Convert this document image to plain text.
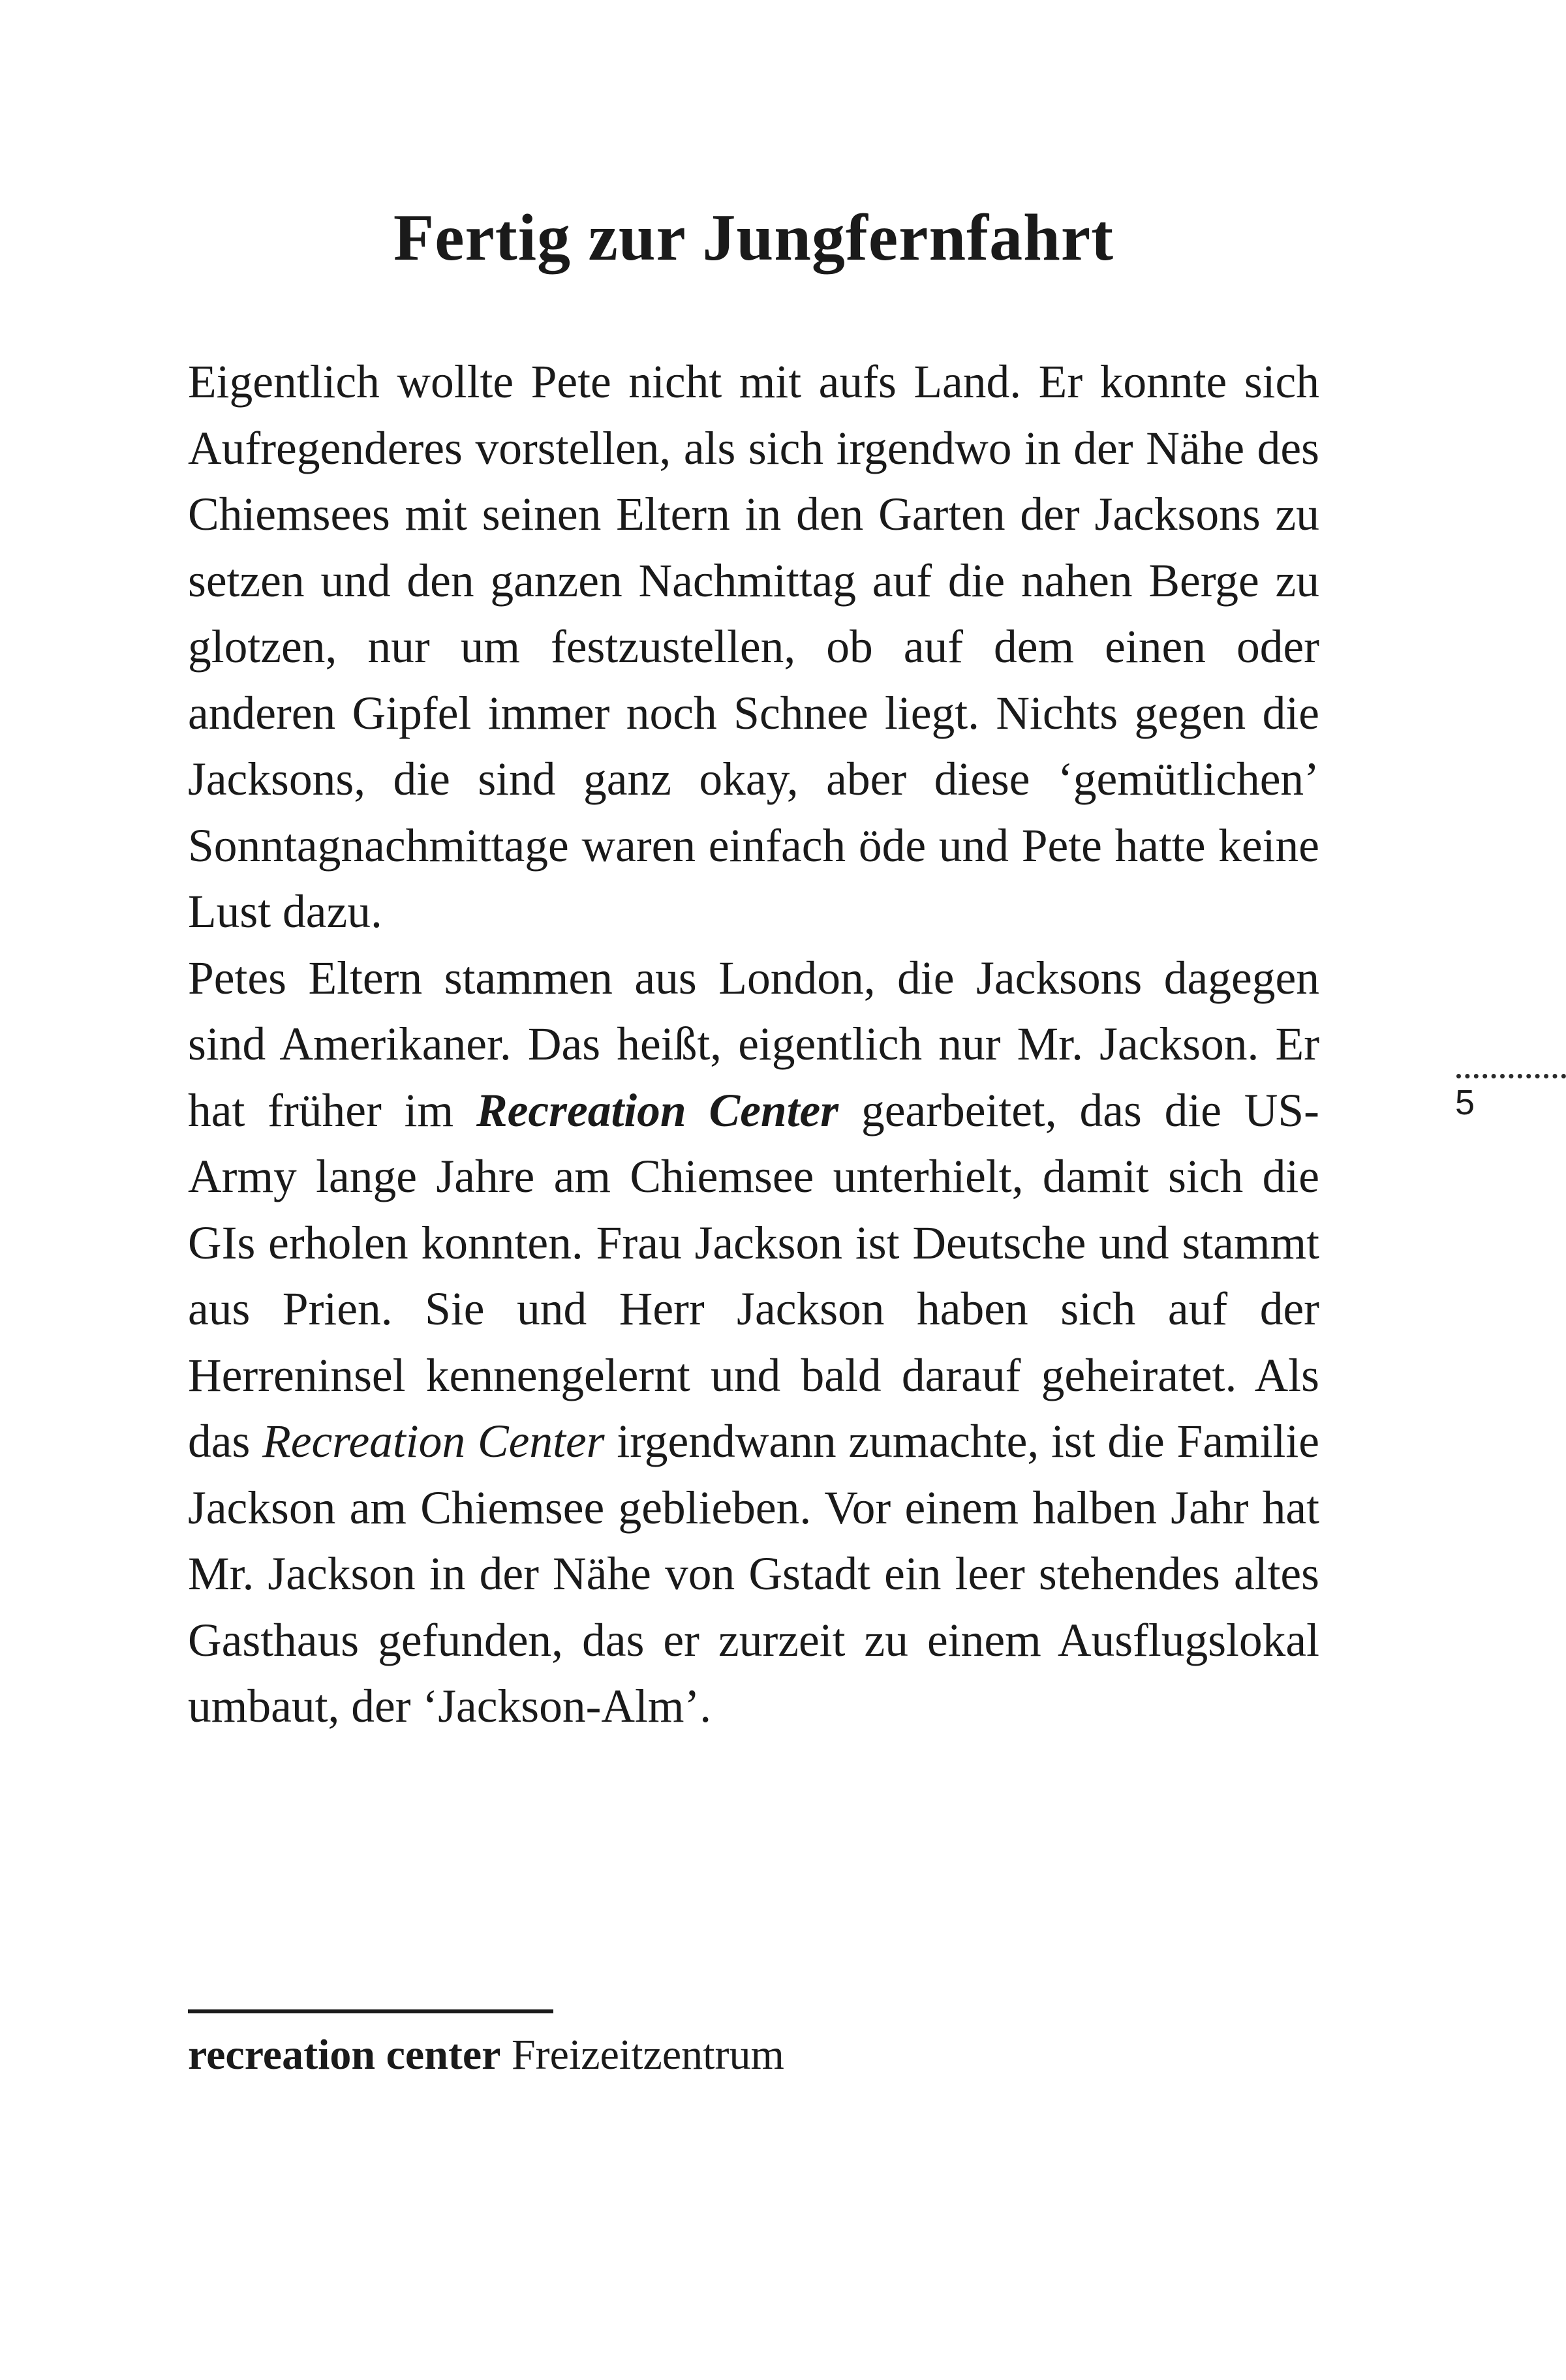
Fertig zur Jungfernfahrt

Eigentlich wollte Pete nicht mit aufs Land. Er konnte sich Aufregenderes vorstellen, als sich irgendwo in der Nähe des Chiemsees mit seinen Eltern in den Garten der Jacksons zu setzen und den ganzen Nachmittag auf die nahen Berge zu glotzen, nur um festzustellen, ob auf dem einen oder anderen Gipfel immer noch Schnee liegt. Nichts gegen die Jacksons, die sind ganz okay, aber diese ‘gemütlichen’ Sonntagnachmittage waren einfach öde und Pete hatte keine Lust dazu.

Petes Eltern stammen aus London, die Jacksons dagegen sind Amerikaner. Das heißt, eigentlich nur Mr. Jackson. Er hat früher im Recreation Center gearbeitet, das die US-Army lange Jahre am Chiemsee unterhielt, damit sich die GIs erholen konnten. Frau Jackson ist Deutsche und stammt aus Prien. Sie und Herr Jackson haben sich auf der Herreninsel kennengelernt und bald darauf geheiratet. Als das Recreation Center irgendwann zumachte, ist die Familie Jackson am Chiemsee geblieben. Vor einem halben Jahr hat Mr. Jackson in der Nähe von Gstadt ein leer stehendes altes Gasthaus gefunden, das er zurzeit zu einem Ausflugslokal umbaut, der ‘Jackson-Alm’.

5

recreation center Freizeitzentrum
